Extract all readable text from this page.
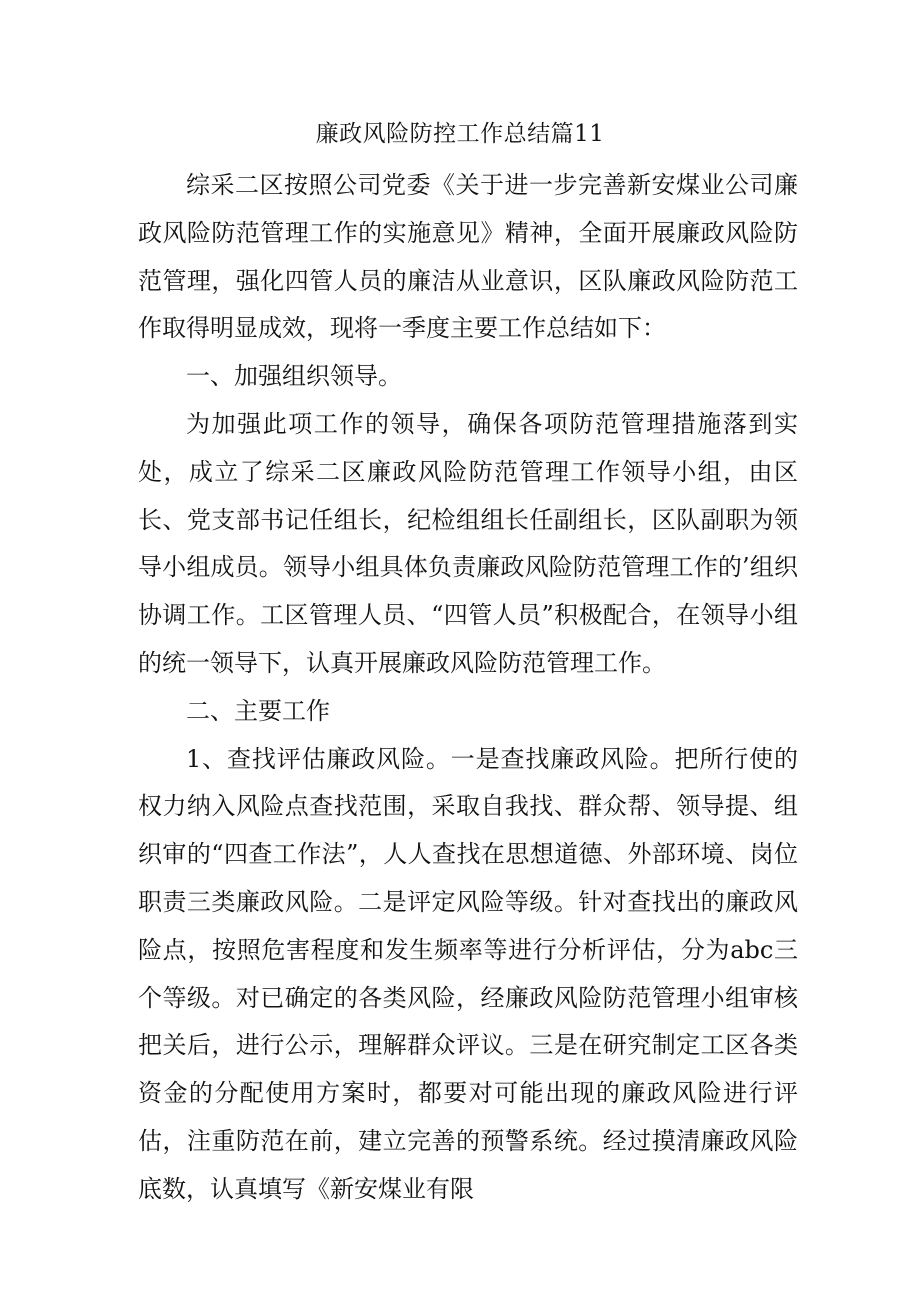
廉政风险防控工作总结篇11

综采二区按照公司党委《关于进一步完善新安煤业公司廉政风险防范管理工作的实施意见》精神，全面开展廉政风险防范管理，强化四管人员的廉洁从业意识，区队廉政风险防范工作取得明显成效，现将一季度主要工作总结如下：

一、加强组织领导。

为加强此项工作的领导，确保各项防范管理措施落到实处，成立了综采二区廉政风险防范管理工作领导小组，由区长、党支部书记任组长，纪检组组长任副组长，区队副职为领导小组成员。领导小组具体负责廉政风险防范管理工作的’组织协调工作。工区管理人员、“四管人员”积极配合，在领导小组的统一领导下，认真开展廉政风险防范管理工作。

二、主要工作

1、查找评估廉政风险。一是查找廉政风险。把所行使的权力纳入风险点查找范围，采取自我找、群众帮、领导提、组织审的“四查工作法”，人人查找在思想道德、外部环境、岗位职责三类廉政风险。二是评定风险等级。针对查找出的廉政风险点，按照危害程度和发生频率等进行分析评估，分为abc三个等级。对已确定的各类风险，经廉政风险防范管理小组审核把关后，进行公示，理解群众评议。三是在研究制定工区各类资金的分配使用方案时，都要对可能出现的廉政风险进行评估，注重防范在前，建立完善的预警系统。经过摸清廉政风险底数，认真填写《新安煤业有限
